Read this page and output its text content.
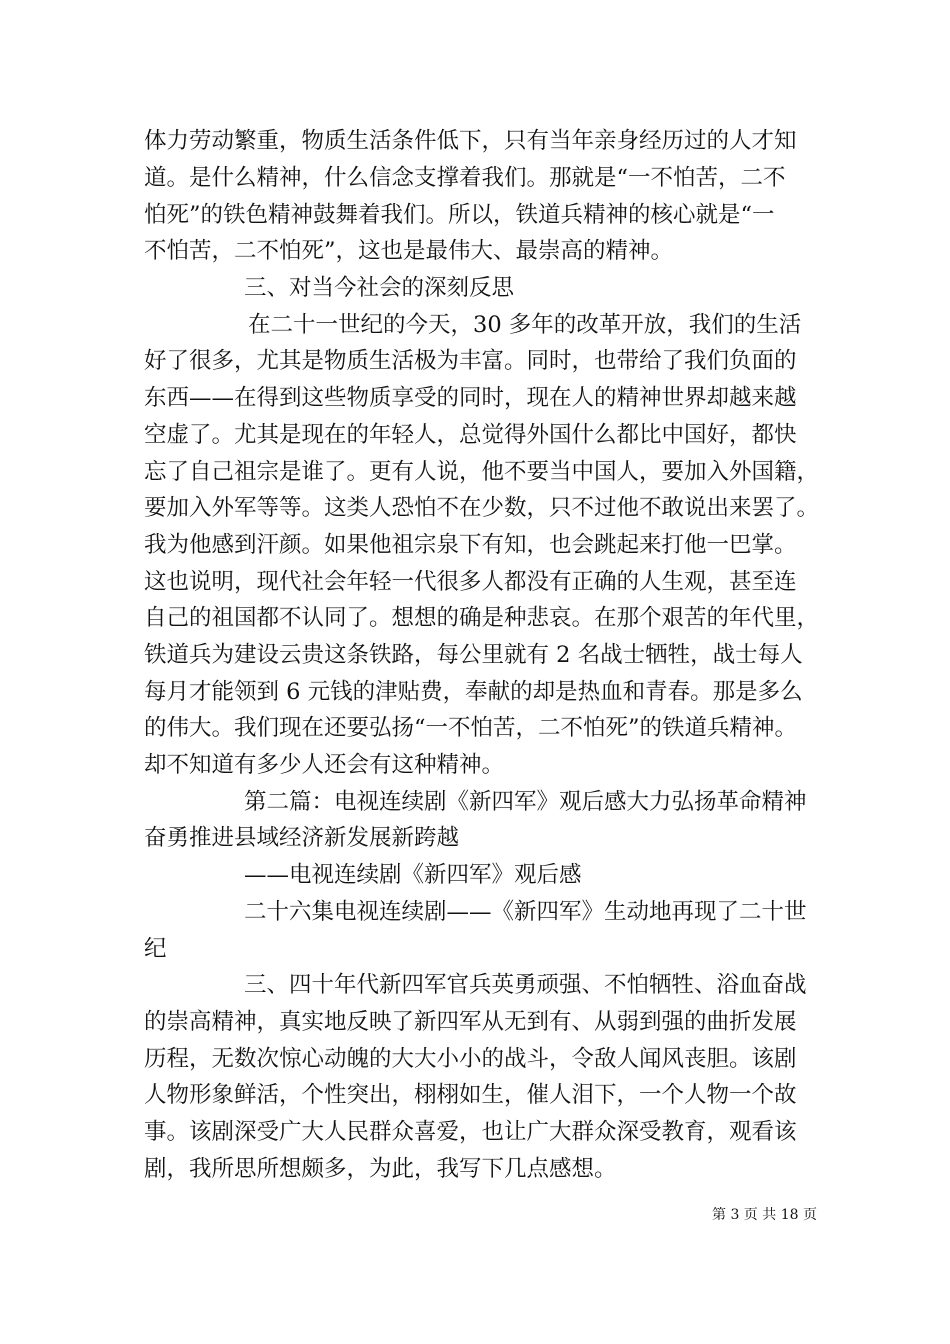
体力劳动繁重，物质生活条件低下，只有当年亲身经历过的人才知
道。是什么精神，什么信念支撑着我们。那就是“一不怕苦，二不
怕死”的铁色精神鼓舞着我们。所以，铁道兵精神的核心就是“一
不怕苦，二不怕死”，这也是最伟大、最崇高的精神。
三、对当今社会的深刻反思
在二十一世纪的今天，30 多年的改革开放，我们的生活
好了很多，尤其是物质生活极为丰富。同时，也带给了我们负面的
东西——在得到这些物质享受的同时，现在人的精神世界却越来越
空虚了。尤其是现在的年轻人，总觉得外国什么都比中国好，都快
忘了自己祖宗是谁了。更有人说，他不要当中国人，要加入外国籍，
要加入外军等等。这类人恐怕不在少数，只不过他不敢说出来罢了。
我为他感到汗颜。如果他祖宗泉下有知，也会跳起来打他一巴掌。
这也说明，现代社会年轻一代很多人都没有正确的人生观，甚至连
自己的祖国都不认同了。想想的确是种悲哀。在那个艰苦的年代里，
铁道兵为建设云贵这条铁路，每公里就有 2 名战士牺牲，战士每人
每月才能领到 6 元钱的津贴费，奉献的却是热血和青春。那是多么
的伟大。我们现在还要弘扬“一不怕苦，二不怕死”的铁道兵精神。
却不知道有多少人还会有这种精神。
第二篇：电视连续剧《新四军》观后感大力弘扬革命精神
奋勇推进县域经济新发展新跨越
——电视连续剧《新四军》观后感
二十六集电视连续剧——《新四军》生动地再现了二十世
纪
三、四十年代新四军官兵英勇顽强、不怕牺牲、浴血奋战
的崇高精神，真实地反映了新四军从无到有、从弱到强的曲折发展
历程，无数次惊心动魄的大大小小的战斗，令敌人闻风丧胆。该剧
人物形象鲜活，个性突出，栩栩如生，催人泪下，一个人物一个故
事。该剧深受广大人民群众喜爱，也让广大群众深受教育，观看该
剧，我所思所想颇多，为此，我写下几点感想。
第 3 页 共 18 页
